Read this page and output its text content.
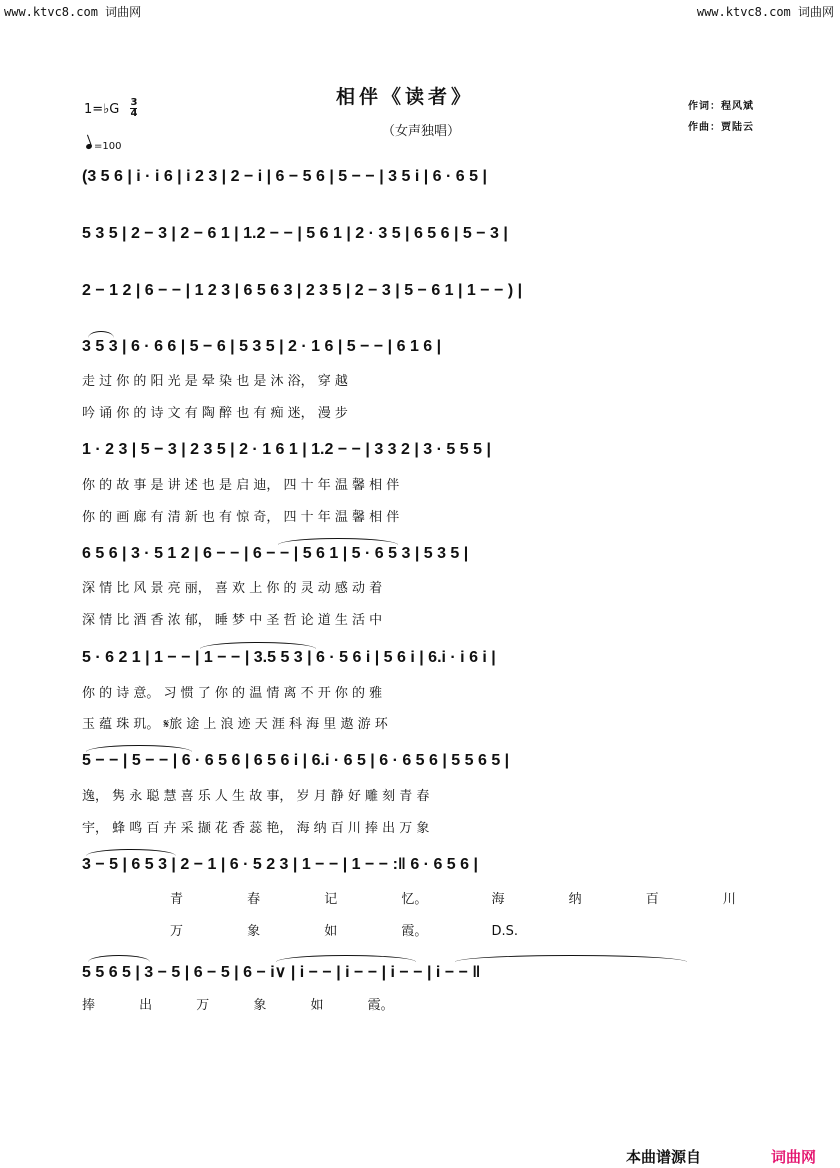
www.ktvc8.com 词曲网	www.ktvc8.com 词曲网
相伴《读者》
（女声独唱）
1=♭G $\frac{3}{4}$
=100
作词：程风斌
作曲：贾陆云
(3 5 6 | i · i 6 | i 2 3 | 2 − i | 6 − 5 6 | 5 − − | 3 5 i | 6 · 6 5 |
5 3 5 | 2 − 3 | 2 − 6 1 | 1.2 − − | 5 6 1 | 2 · 3 5 | 6 5 6 | 5 − 3 |
2 − 1 2 | 6 − − | 1 2 3 | 6 5 6 3 | 2 3 5 | 2 − 3 | 5 − 6 1 | 1 − − ) |
3 5 3 | 6 · 6 6 | 5 − 6 | 5 3 5 | 2 · 1 6 | 5 − − | 6 1 6 |
走 过 你 的 阳 光 是 晕 染 也 是 沐 浴， 穿 越
吟 诵 你 的 诗 文 有 陶 醉 也 有 痴 迷， 漫 步
1 · 2 3 | 5 − 3 | 2 3 5 | 2 · 1 6 1 | 1.2 − − | 3 3 2 | 3 · 5 5 5 |
你 的 故 事 是 讲 述 也 是 启 迪， 四 十 年 温 馨 相 伴
你 的 画 廊 有 清 新 也 有 惊 奇， 四 十 年 温 馨 相 伴
6 5 6 | 3 · 5 1 2 | 6 − − | 6 − − | 5 6 1 | 5 · 6 5 3 | 5 3 5 |
深 情 比 风 景 亮 丽， 喜 欢 上 你 的 灵 动 感 动 着
深 情 比 酒 香 浓 郁， 睡 梦 中 圣 哲 论 道 生 活 中
5 · 6 2 1 | 1 − − | 1 − − | 3.5 5 3 | 6 · 5 6 i | 5 6 i | 6.i · i 6 i |
你 的 诗 意。 习 惯 了 你 的 温 情 离 不 开 你 的 雅
玉 蕴 珠 玑。 𝄋旅 途 上 浪 迹 天 涯 科 海 里 遨 游 环
5 − − | 5 − − | 6 · 6 5 6 | 6 5 6 i | 6.i · 6 5 | 6 · 6 5 6 | 5 5 6 5 |
逸， 隽 永 聪 慧 喜 乐 人 生 故 事， 岁 月 静 好 雕 刻 青 春
宇， 蜂 鸣 百 卉 采 撷 花 香 蕊 艳， 海 纳 百 川 捧 出 万 象
3 − 5 | 6 5 3 | 2 − 1 | 6 · 5 2 3 | 1 − − | 1 − − :‖ 6 · 6 5 6 |
青 春 记 忆。 海 纳 百 川
万 象 如 霞。 D.S.
5 5 6 5 | 3 − 5 | 6 − 5 | 6 − i∨ | i − − | i − − | i − − | i − − ‖
捧 出 万 象 如 霞。
本曲谱源自	词曲网
